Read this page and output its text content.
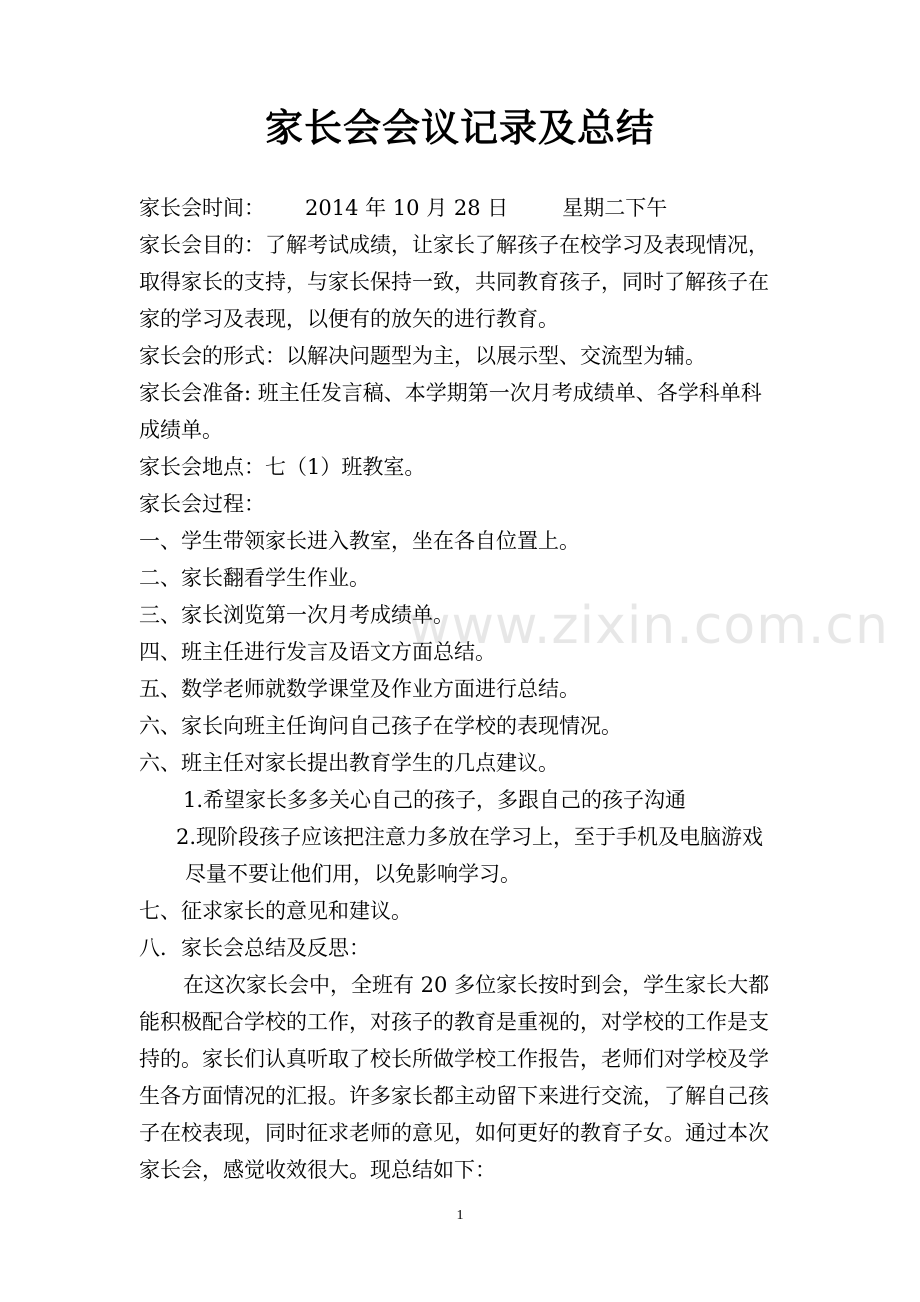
家长会会议记录及总结
家长会时间： 2014 年 10 月 28 日	星期二下午
家长会目的：了解考试成绩，让家长了解孩子在校学习及表现情况，
取得家长的支持，与家长保持一致，共同教育孩子，同时了解孩子在
家的学习及表现，以便有的放矢的进行教育。
家长会的形式：以解决问题型为主，以展示型、交流型为辅。
家长会准备: 班主任发言稿、本学期第一次月考成绩单、各学科单科
成绩单。
家长会地点：七（1）班教室。
家长会过程：
一、学生带领家长进入教室，坐在各自位置上。
二、家长翻看学生作业。
三、家长浏览第一次月考成绩单。
四、班主任进行发言及语文方面总结。
五、数学老师就数学课堂及作业方面进行总结。
六、家长向班主任询问自己孩子在学校的表现情况。
六、班主任对家长提出教育学生的几点建议。
1.希望家长多多关心自己的孩子，多跟自己的孩子沟通
2.现阶段孩子应该把注意力多放在学习上，至于手机及电脑游戏
尽量不要让他们用，以免影响学习。
七、征求家长的意见和建议。
八．家长会总结及反思：
在这次家长会中，全班有 20 多位家长按时到会，学生家长大都
能积极配合学校的工作，对孩子的教育是重视的，对学校的工作是支
持的。家长们认真听取了校长所做学校工作报告，老师们对学校及学
生各方面情况的汇报。许多家长都主动留下来进行交流，了解自己孩
子在校表现，同时征求老师的意见，如何更好的教育子女。通过本次
家长会，感觉收效很大。现总结如下：
www.zixin.com.cn
1
